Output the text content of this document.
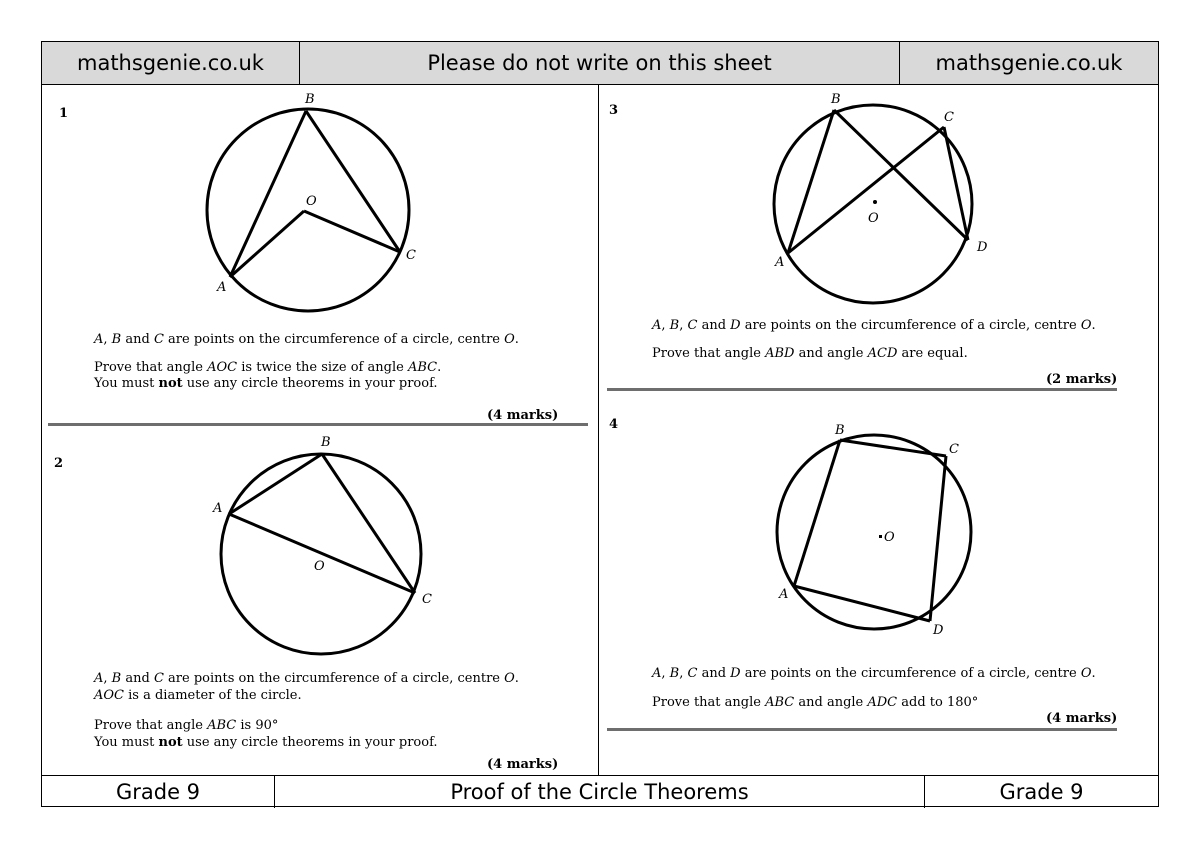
mathsgenie.co.uk	Please do not write on this sheet	mathsgenie.co.uk
Grade 9	Proof of the Circle Theorems	Grade 9
1
B
O
C
A
A, B and C are points on the circumference of a circle, centre O.
Prove that angle AOC is twice the size of angle ABC.
You must not use any circle theorems in your proof.
(4 marks)
2
B
A
O
C
A, B and C are points on the circumference of a circle, centre O.
AOC is a diameter of the circle.
Prove that angle ABC is 90°
You must not use any circle theorems in your proof.
(4 marks)
3
B
C
O
D
A
A, B, C and D are points on the circumference of a circle, centre O.
Prove that angle ABD and angle ACD are equal.
(2 marks)
4	B
C
O
A
D
A, B, C and D are points on the circumference of a circle, centre O.
Prove that angle ABC and angle ADC add to 180°
(4 marks)
